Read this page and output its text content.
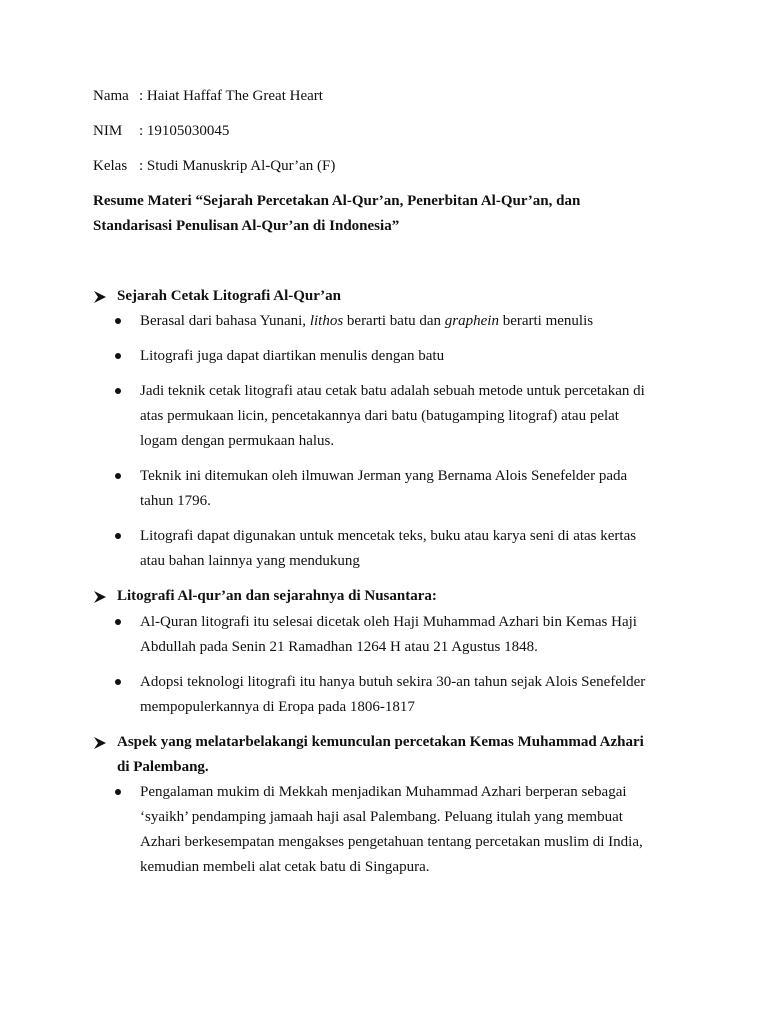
Nama : Haiat Haffaf The Great Heart
NIM : 19105030045
Kelas : Studi Manuskrip Al-Qur’an (F)
Resume Materi “Sejarah Percetakan Al-Qur’an, Penerbitan Al-Qur’an, dan
Standarisasi Penulisan Al-Qur’an di Indonesia”
Sejarah Cetak Litografi Al-Qur’an
Berasal dari bahasa Yunani, lithos berarti batu dan graphein berarti menulis
Litografi juga dapat diartikan menulis dengan batu
Jadi teknik cetak litografi atau cetak batu adalah sebuah metode untuk percetakan di
atas permukaan licin, pencetakannya dari batu (batugamping litograf) atau pelat
logam dengan permukaan halus.
Teknik ini ditemukan oleh ilmuwan Jerman yang Bernama Alois Senefelder pada
tahun 1796.
Litografi dapat digunakan untuk mencetak teks, buku atau karya seni di atas kertas
atau bahan lainnya yang mendukung
Litografi Al-qur’an dan sejarahnya di Nusantara:
Al-Quran litografi itu selesai dicetak oleh Haji Muhammad Azhari bin Kemas Haji
Abdullah pada Senin 21 Ramadhan 1264 H atau 21 Agustus 1848.
Adopsi teknologi litografi itu hanya butuh sekira 30-an tahun sejak Alois Senefelder
mempopulerkannya di Eropa pada 1806-1817
Aspek yang melatarbelakangi kemunculan percetakan Kemas Muhammad Azhari
di Palembang.
Pengalaman mukim di Mekkah menjadikan Muhammad Azhari berperan sebagai
‘syaikh’ pendamping jamaah haji asal Palembang. Peluang itulah yang membuat
Azhari berkesempatan mengakses pengetahuan tentang percetakan muslim di India,
kemudian membeli alat cetak batu di Singapura.
